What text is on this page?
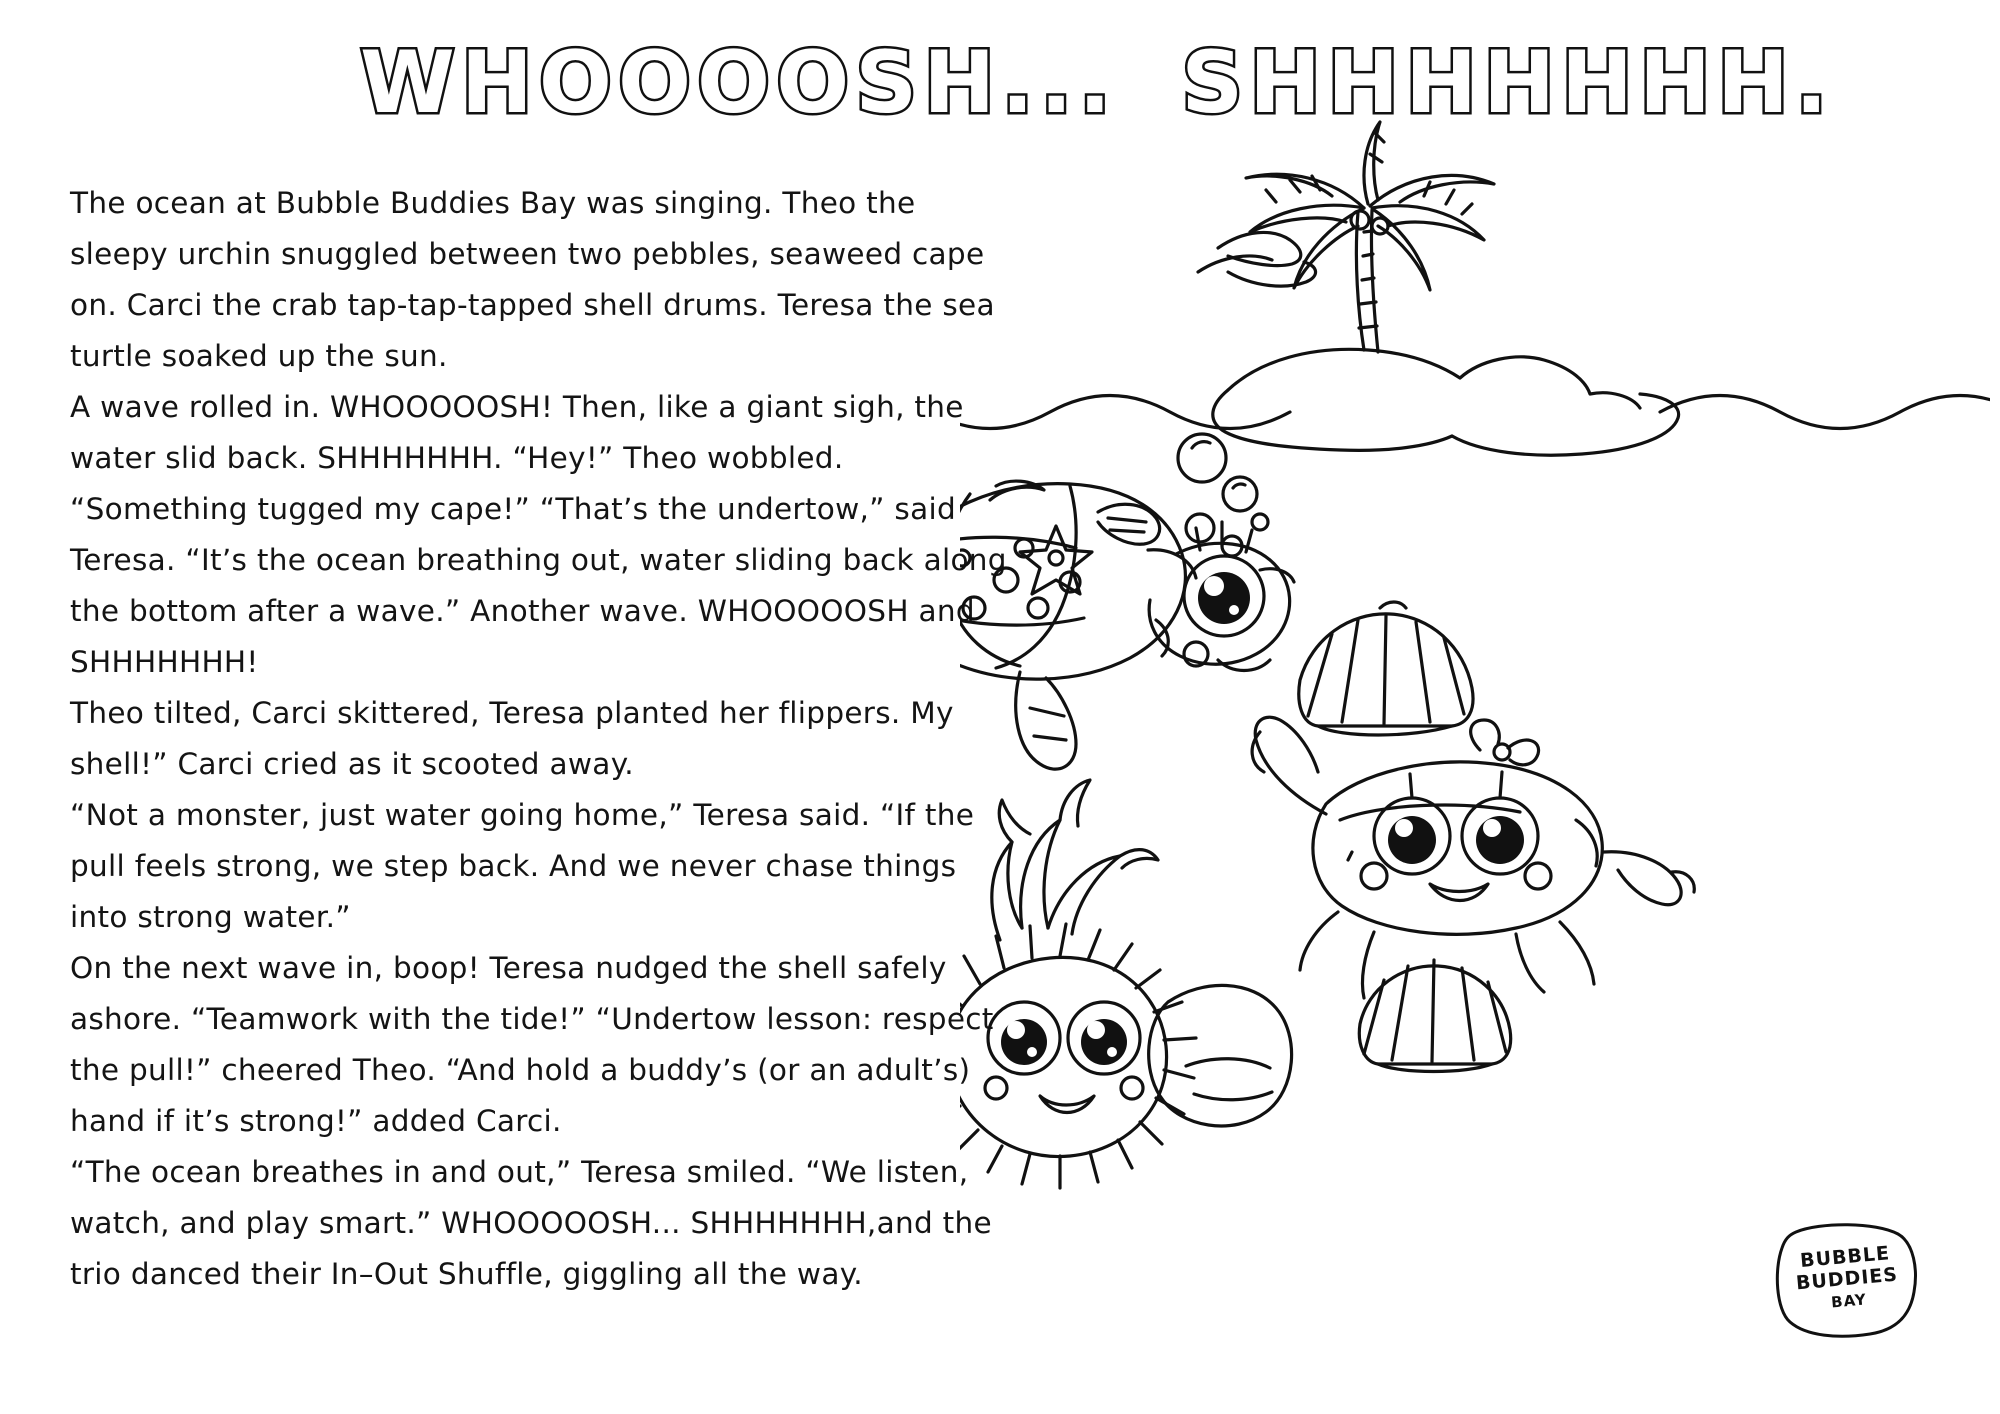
WHOOOOSH... SHHHHHHH.

The ocean at Bubble Buddies Bay was singing. Theo the sleepy urchin snuggled between two pebbles, seaweed cape on. Carci the crab tap-tap-tapped shell drums. Teresa the sea turtle soaked up the sun.

A wave rolled in. WHOOOOOSH! Then, like a giant sigh, the water slid back. SHHHHHHH. “Hey!” Theo wobbled. “Something tugged my cape!” “That’s the undertow,” said Teresa. “It’s the ocean breathing out, water sliding back along the bottom after a wave.” Another wave. WHOOOOOSH and SHHHHHHH!

Theo tilted, Carci skittered, Teresa planted her flippers. My shell!” Carci cried as it scooted away.

“Not a monster, just water going home,” Teresa said. “If the pull feels strong, we step back. And we never chase things into strong water.”

On the next wave in, boop! Teresa nudged the shell safely ashore. “Teamwork with the tide!” “Undertow lesson: respect the pull!” cheered Theo. “And hold a buddy’s (or an adult’s) hand if it’s strong!” added Carci.

“The ocean breathes in and out,” Teresa smiled. “We listen, watch, and play smart.” WHOOOOOSH... SHHHHHHH,and the trio danced their In–Out Shuffle, giggling all the way.	BUBBLE
BUDDIES
BAY
